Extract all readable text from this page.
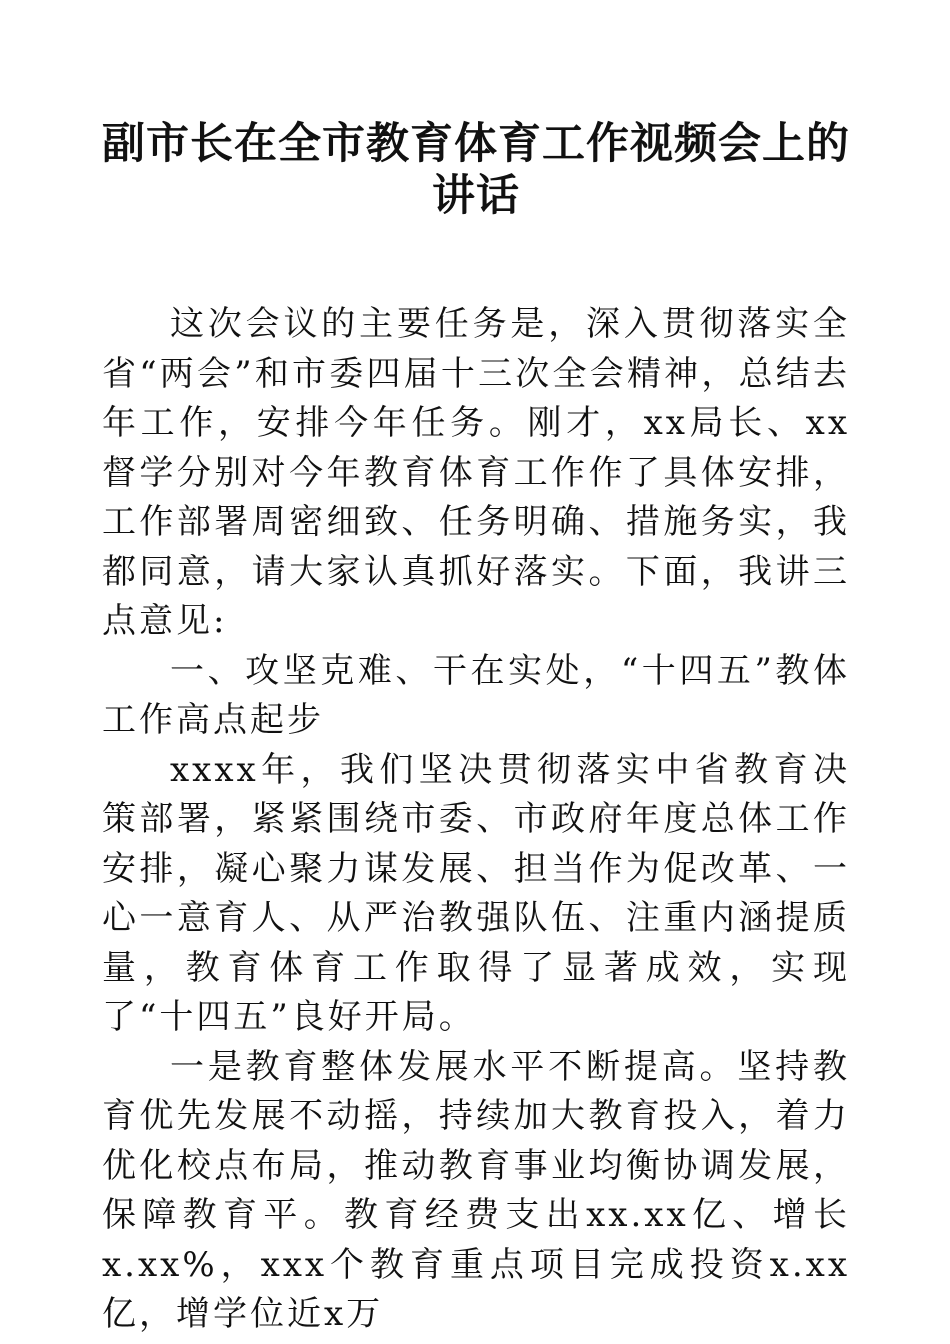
副市长在全市教育体育工作视频会上的讲话

这次会议的主要任务是，深入贯彻落实全省“两会”和市委四届十三次全会精神，总结去年工作，安排今年任务。刚才，xx局长、xx督学分别对今年教育体育工作作了具体安排，工作部署周密细致、任务明确、措施务实，我都同意，请大家认真抓好落实。下面，我讲三点意见:

一、攻坚克难、干在实处，“十四五”教体工作高点起步

xxxx年，我们坚决贯彻落实中省教育决策部署，紧紧围绕市委、市政府年度总体工作安排，凝心聚力谋发展、担当作为促改革、一心一意育人、从严治教强队伍、注重内涵提质量，教育体育工作取得了显著成效，实现了“十四五”良好开局。

一是教育整体发展水平不断提高。坚持教育优先发展不动摇，持续加大教育投入，着力优化校点布局，推动教育事业均衡协调发展，保障教育平。教育经费支出xx.xx亿、增长x.xx%，xxx个教育重点项目完成投资x.xx亿，增学位近x万
